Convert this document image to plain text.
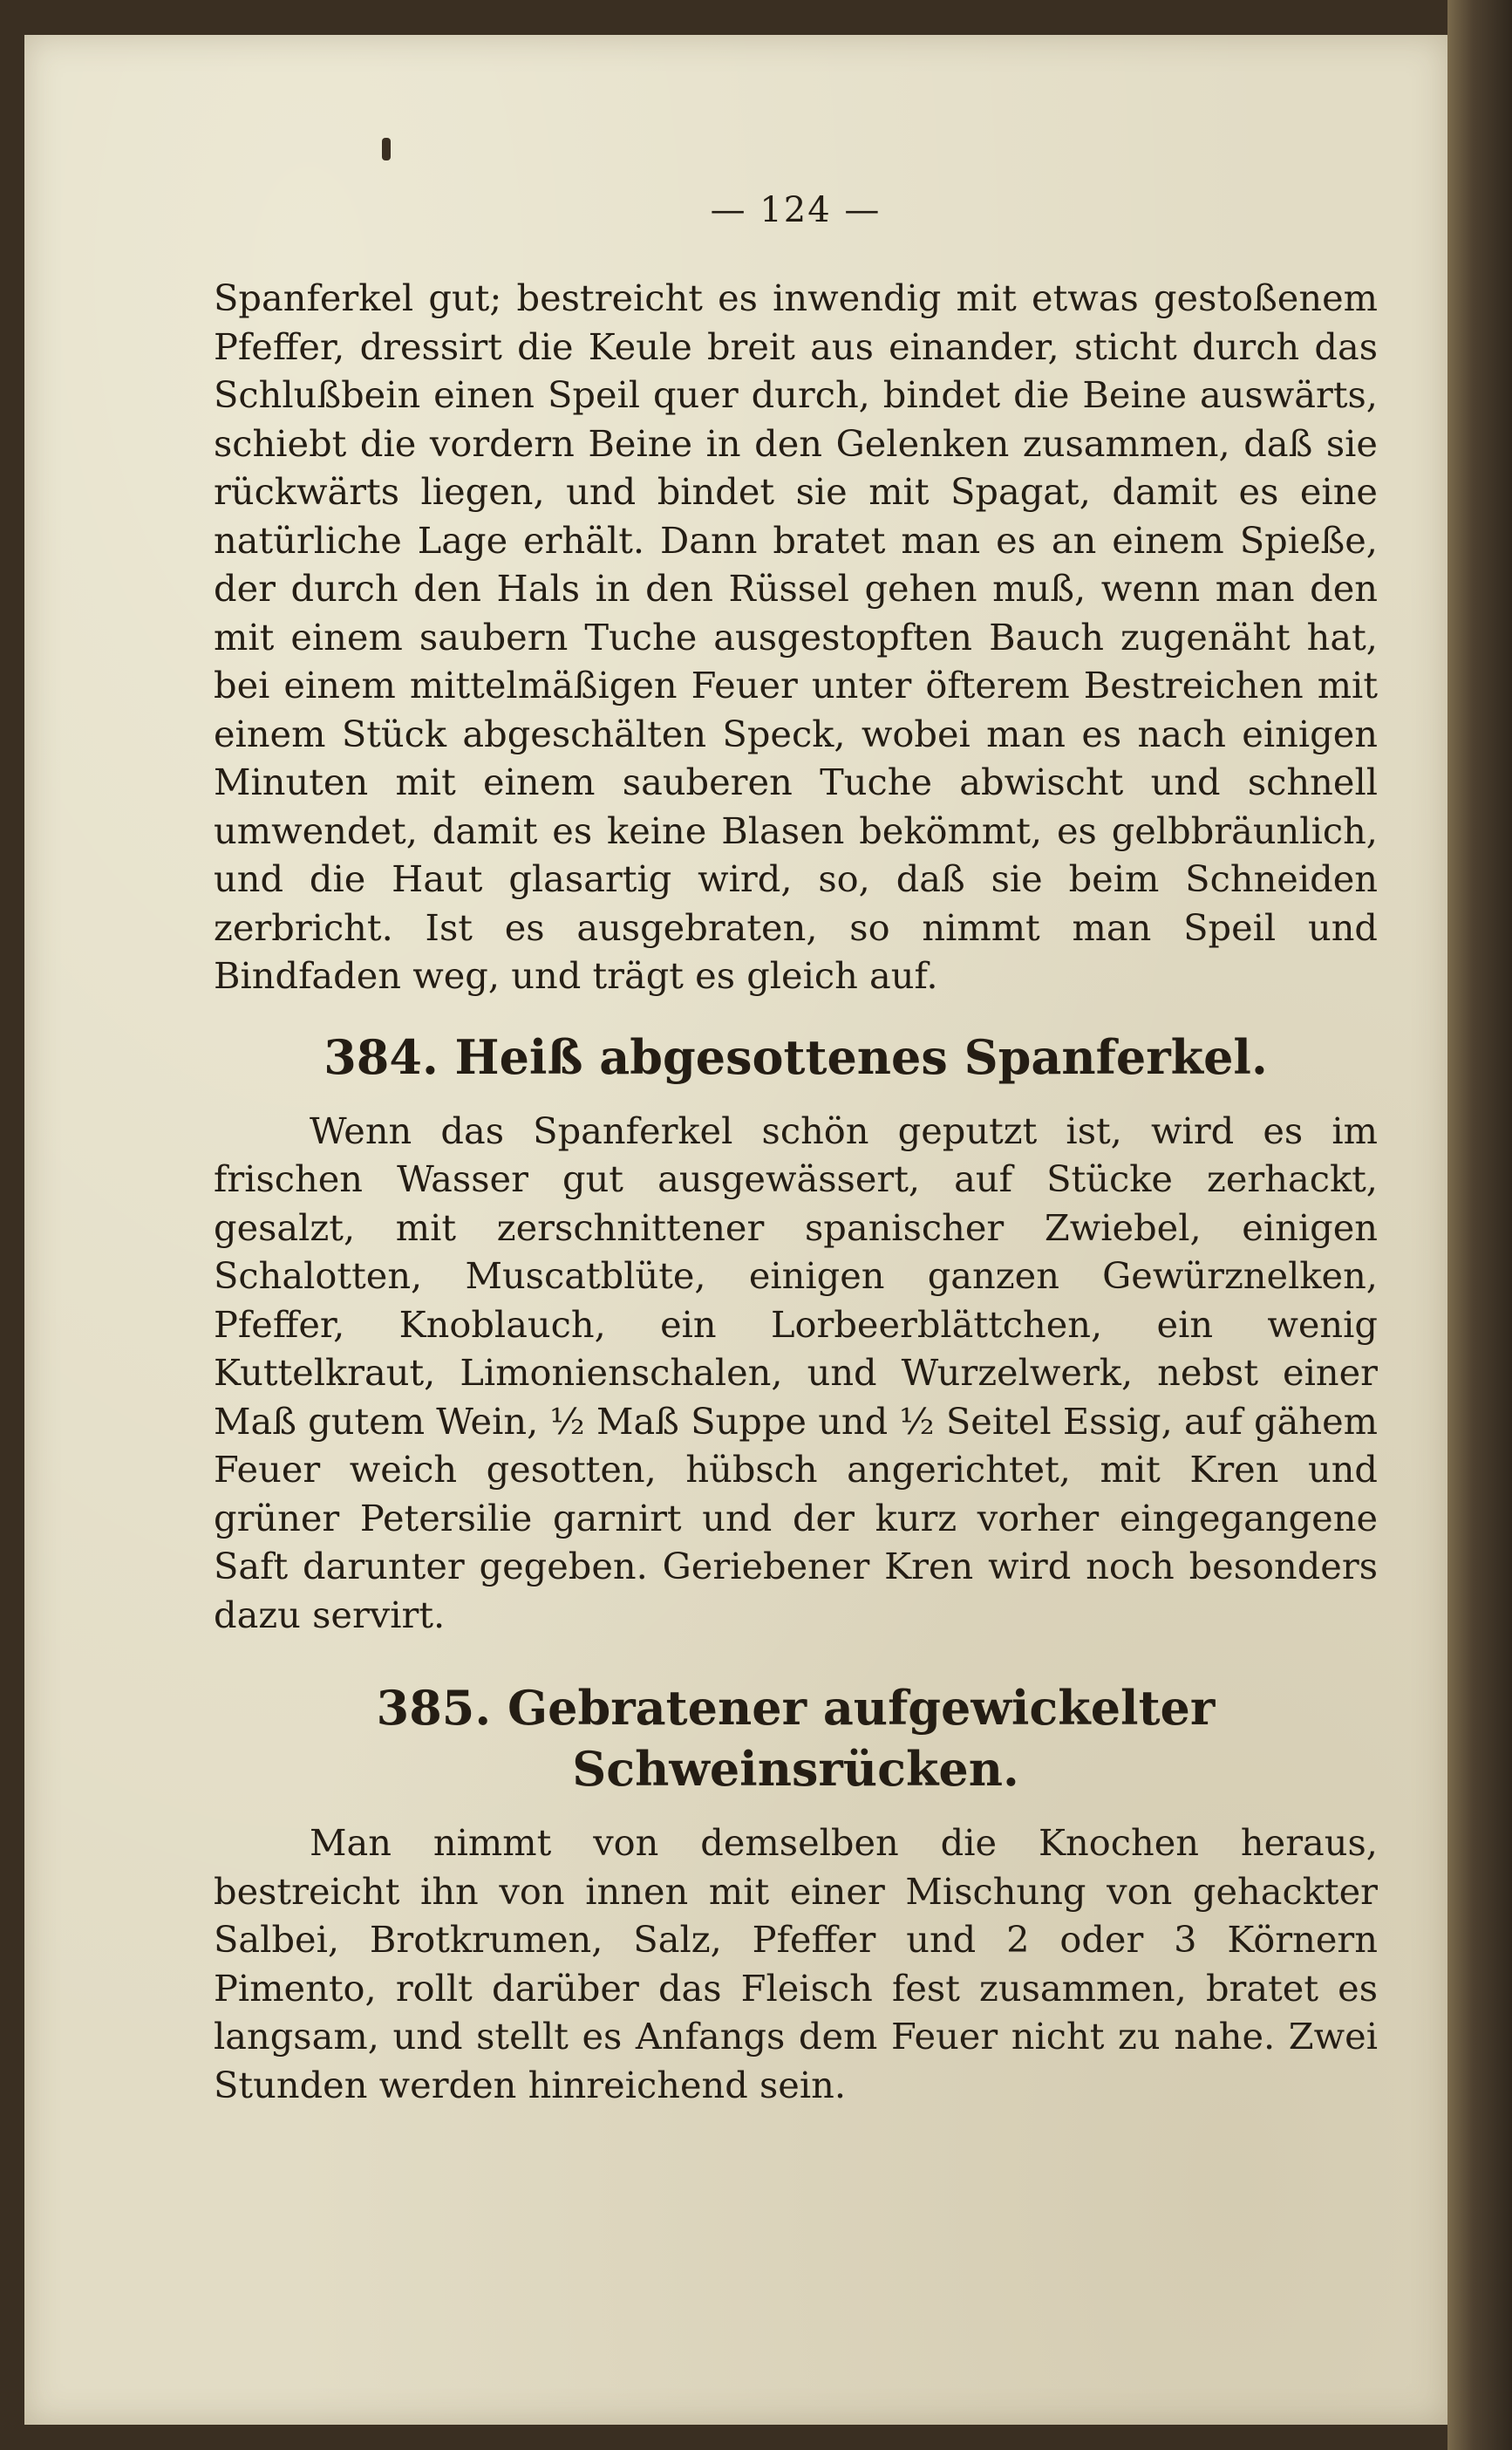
— 124 —

Spanferkel gut; bestreicht es inwendig mit etwas gestoßenem Pfeffer, dressirt die Keule breit aus einander, sticht durch das Schlußbein einen Speil quer durch, bindet die Beine auswärts, schiebt die vordern Beine in den Gelenken zusammen, daß sie rückwärts liegen, und bindet sie mit Spagat, damit es eine natürliche Lage erhält. Dann bratet man es an einem Spieße, der durch den Hals in den Rüssel gehen muß, wenn man den mit einem saubern Tuche ausgestopften Bauch zugenäht hat, bei einem mittelmäßigen Feuer unter öfterem Bestreichen mit einem Stück abgeschälten Speck, wobei man es nach einigen Minuten mit einem sauberen Tuche abwischt und schnell umwendet, damit es keine Blasen bekömmt, es gelbbräunlich, und die Haut glasartig wird, so, daß sie beim Schneiden zerbricht. Ist es ausgebraten, so nimmt man Speil und Bindfaden weg, und trägt es gleich auf.

384. Heiß abgesottenes Spanferkel.

Wenn das Spanferkel schön geputzt ist, wird es im frischen Wasser gut ausgewässert, auf Stücke zerhackt, gesalzt, mit zerschnittener spanischer Zwiebel, einigen Schalotten, Muscatblüte, einigen ganzen Gewürznelken, Pfeffer, Knoblauch, ein Lorbeerblättchen, ein wenig Kuttelkraut, Limonienschalen, und Wurzelwerk, nebst einer Maß gutem Wein, ½ Maß Suppe und ½ Seitel Essig, auf gähem Feuer weich gesotten, hübsch angerichtet, mit Kren und grüner Petersilie garnirt und der kurz vorher eingegangene Saft darunter gegeben. Geriebener Kren wird noch besonders dazu servirt.

385. Gebratener aufgewickelter Schweinsrücken.

Man nimmt von demselben die Knochen heraus, bestreicht ihn von innen mit einer Mischung von gehackter Salbei, Brotkrumen, Salz, Pfeffer und 2 oder 3 Körnern Pimento, rollt darüber das Fleisch fest zusammen, bratet es langsam, und stellt es Anfangs dem Feuer nicht zu nahe. Zwei Stunden werden hinreichend sein.
